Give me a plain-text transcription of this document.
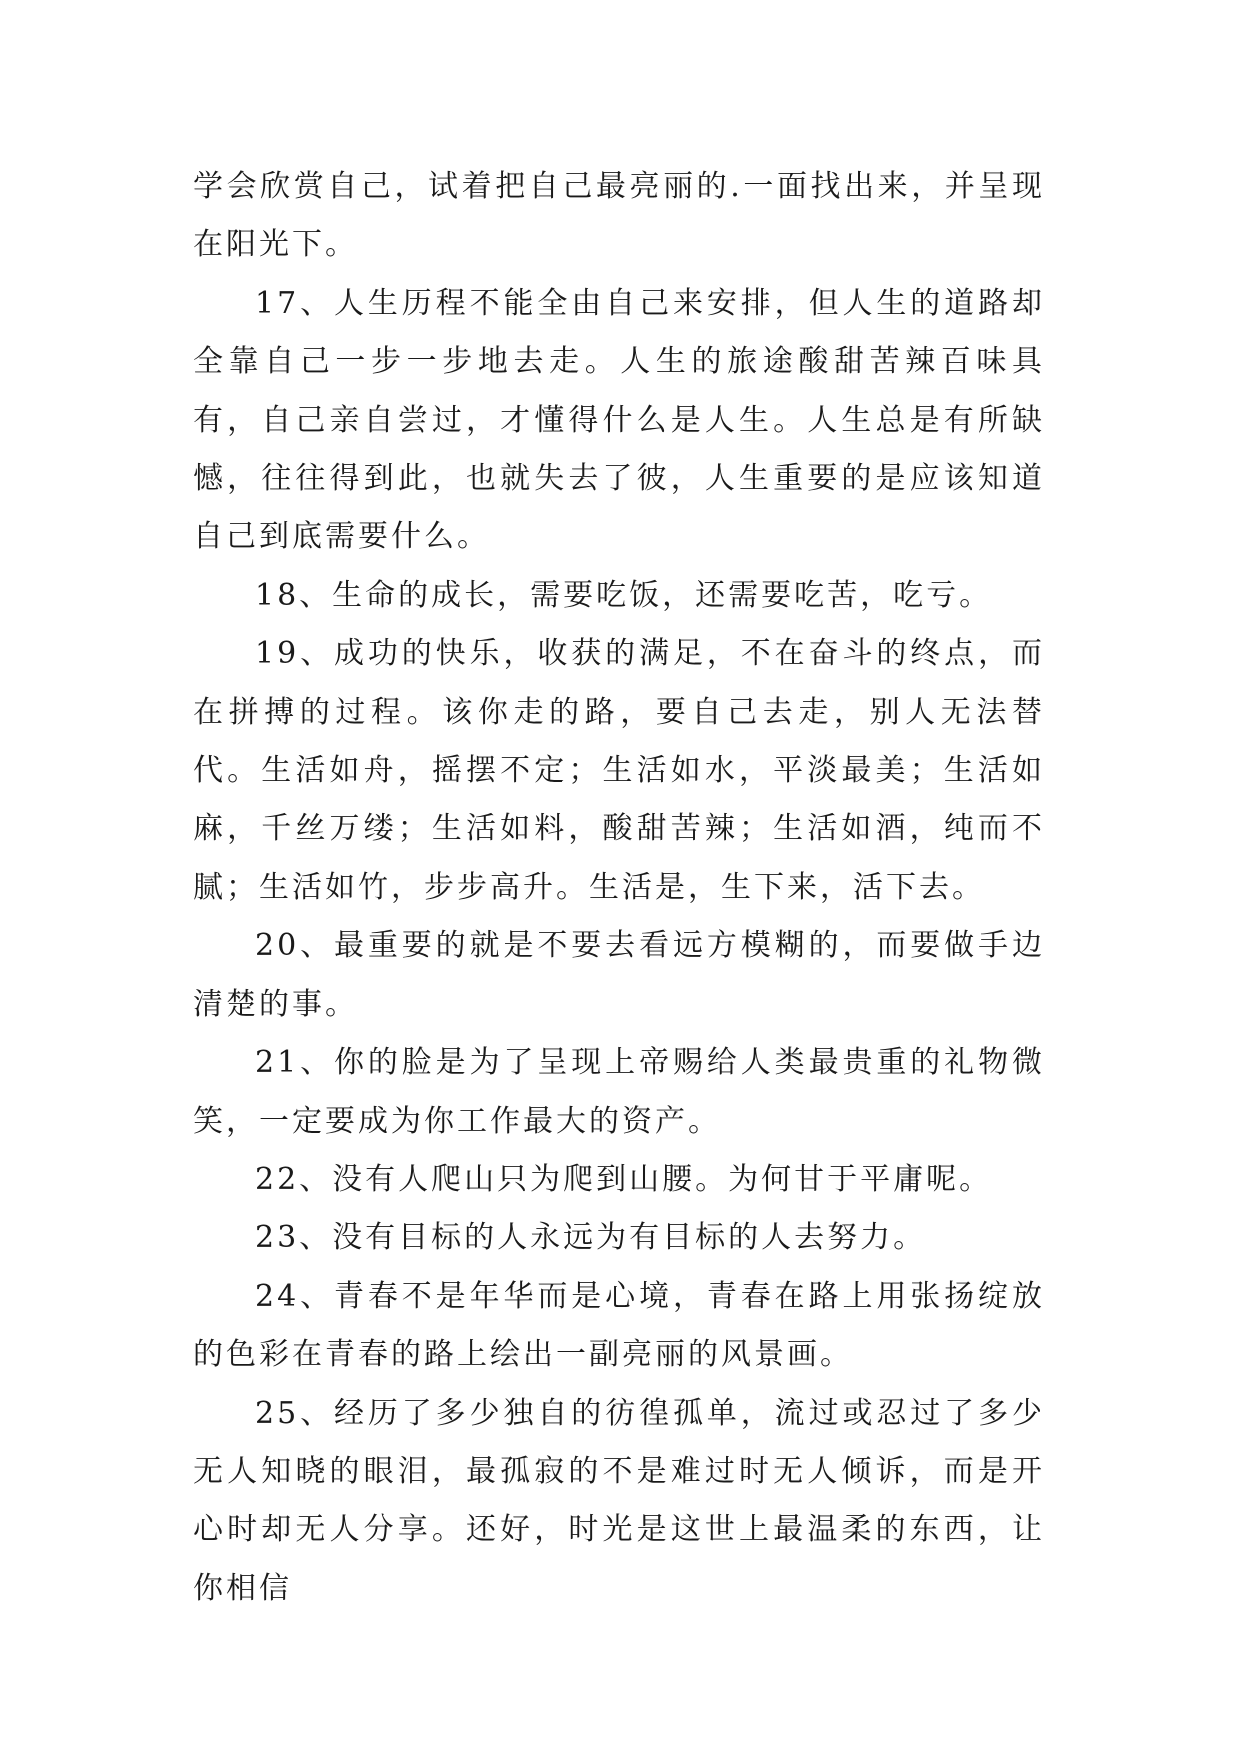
学会欣赏自己，试着把自己最亮丽的.一面找出来，并呈现在阳光下。

17、人生历程不能全由自己来安排，但人生的道路却全靠自己一步一步地去走。人生的旅途酸甜苦辣百味具有，自己亲自尝过，才懂得什么是人生。人生总是有所缺憾，往往得到此，也就失去了彼，人生重要的是应该知道自己到底需要什么。

18、生命的成长，需要吃饭，还需要吃苦，吃亏。

19、成功的快乐，收获的满足，不在奋斗的终点，而在拼搏的过程。该你走的路，要自己去走，别人无法替代。生活如舟，摇摆不定；生活如水，平淡最美；生活如麻，千丝万缕；生活如料，酸甜苦辣；生活如酒，纯而不腻；生活如竹，步步高升。生活是，生下来，活下去。

20、最重要的就是不要去看远方模糊的，而要做手边清楚的事。

21、你的脸是为了呈现上帝赐给人类最贵重的礼物微笑，一定要成为你工作最大的资产。

22、没有人爬山只为爬到山腰。为何甘于平庸呢。

23、没有目标的人永远为有目标的人去努力。

24、青春不是年华而是心境，青春在路上用张扬绽放的色彩在青春的路上绘出一副亮丽的风景画。

25、经历了多少独自的彷徨孤单，流过或忍过了多少无人知晓的眼泪，最孤寂的不是难过时无人倾诉，而是开心时却无人分享。还好，时光是这世上最温柔的东西，让你相信
